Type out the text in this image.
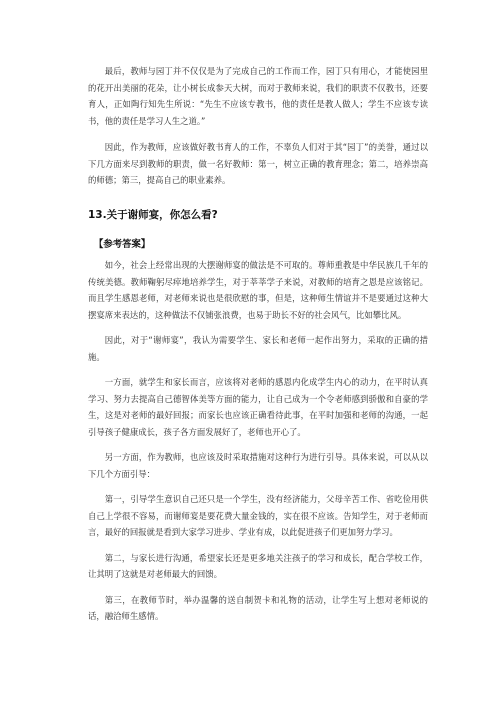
最后，教师与园丁并不仅仅是为了完成自己的工作而工作，园丁只有用心，才能使园里的花开出美丽的花朵，让小树长成参天大树，而对于教师来说，我们的职责不仅教书，还要育人，正如陶行知先生所说：“先生不应该专教书，他的责任是教人做人；学生不应该专读书，他的责任是学习人生之道。”

因此，作为教师，应该做好教书育人的工作，不辜负人们对于其“园丁”的美誉，通过以下几方面来尽到教师的职责，做一名好教师：第一，树立正确的教育理念；第二，培养崇高的师德；第三，提高自己的职业素养。

13.关于谢师宴，你怎么看?

【参考答案】

如今，社会上经常出现的大摆谢师宴的做法是不可取的。尊师重教是中华民族几千年的传统美德。教师鞠躬尽瘁地培养学生，对于莘莘学子来说，对教师的培育之恩是应该铭记。而且学生感恩老师，对老师来说也是很欣慰的事，但是，这种师生情谊并不是要通过这种大摆宴席来表达的，这种做法不仅铺张浪费，也易于助长不好的社会风气，比如攀比风。

因此，对于“谢师宴”，我认为需要学生、家长和老师一起作出努力，采取的正确的措施。

一方面，就学生和家长而言，应该将对老师的感恩内化成学生内心的动力，在平时认真学习、努力去提高自己德智体美等方面的能力，让自己成为一个令老师感到骄傲和自豪的学生，这是对老师的最好回报；而家长也应该正确看待此事，在平时加强和老师的沟通，一起引导孩子健康成长，孩子各方面发展好了，老师也开心了。

另一方面，作为教师，也应该及时采取措施对这种行为进行引导。具体来说，可以从以下几个方面引导：

第一，引导学生意识自己还只是一个学生，没有经济能力，父母辛苦工作、省吃俭用供自己上学很不容易，而谢师宴是要花费大量金钱的，实在很不应该。告知学生，对于老师而言，最好的回报就是看到大家学习进步、学业有成，以此促进孩子们更加努力学习。

第二，与家长进行沟通，希望家长还是更多地关注孩子的学习和成长，配合学校工作，让其明了这就是对老师最大的回馈。

第三，在教师节时，举办温馨的送自制贺卡和礼物的活动，让学生写上想对老师说的话，融洽师生感情。
